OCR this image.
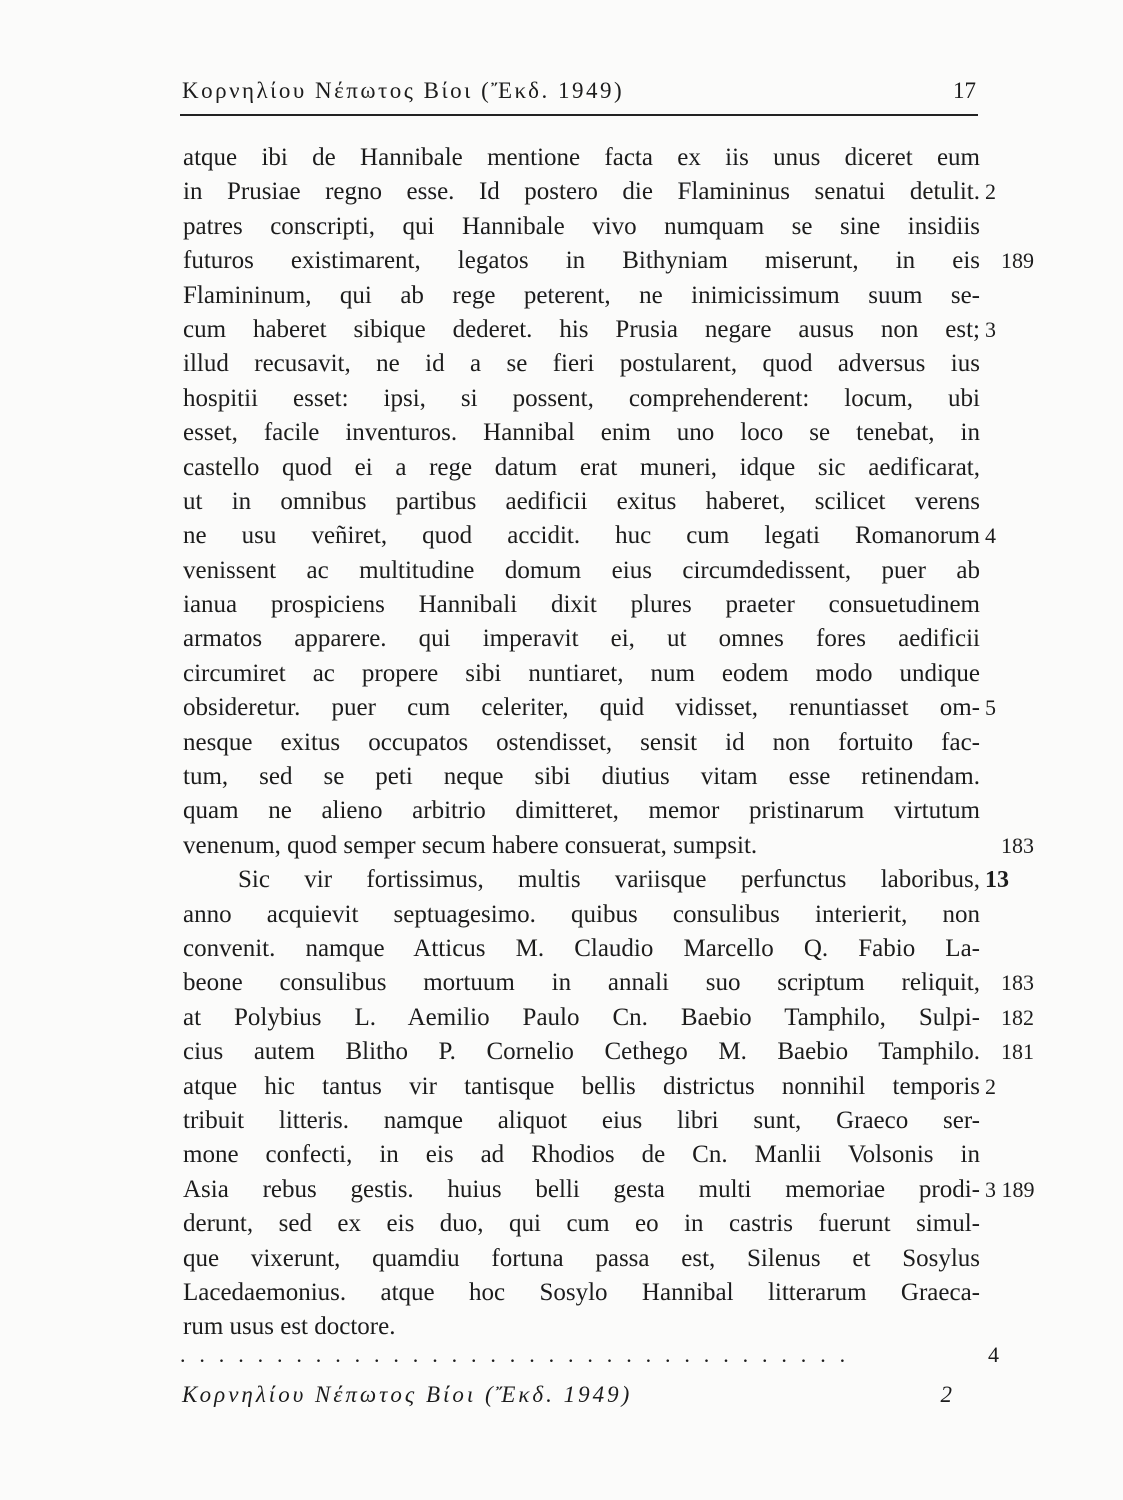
Κορνηλίου Νέπωτος Βίοι (Ἔκδ. 1949)	17
atque ibi de Hannibale mentione facta ex iis unus diceret eum
in Prusiae regno esse. Id postero die Flamininus senatui detulit. 2
patres conscripti, qui Hannibale vivo numquam se sine insidiis
futuros existimarent, legatos in Bithyniam miserunt, in eis 189
Flamininum, qui ab rege peterent, ne inimicissimum suum se-
cum haberet sibique dederet. his Prusia negare ausus non est; 3
illud recusavit, ne id a se fieri postularent, quod adversus ius
hospitii esset: ipsi, si possent, comprehenderent: locum, ubi
esset, facile inventuros. Hannibal enim uno loco se tenebat, in
castello quod ei a rege datum erat muneri, idque sic aedificarat,
ut in omnibus partibus aedificii exitus haberet, scilicet verens
ne usu veñiret, quod accidit. huc cum legati Romanorum 4
venissent ac multitudine domum eius circumdedissent, puer ab
ianua prospiciens Hannibali dixit plures praeter consuetudinem
armatos apparere. qui imperavit ei, ut omnes fores aedificii
circumiret ac propere sibi nuntiaret, num eodem modo undique
obsideretur. puer cum celeriter, quid vidisset, renuntiasset om- 5
nesque exitus occupatos ostendisset, sensit id non fortuito fac-
tum, sed se peti neque sibi diutius vitam esse retinendam.
quam ne alieno arbitrio dimitteret, memor pristinarum virtutum
venenum, quod semper secum habere consuerat, sumpsit.	183
Sic vir fortissimus, multis variisque perfunctus laboribus, 13
anno acquievit septuagesimo. quibus consulibus interierit, non
convenit. namque Atticus M. Claudio Marcello Q. Fabio La-
beone consulibus mortuum in annali suo scriptum reliquit, 183
at Polybius L. Aemilio Paulo Cn. Baebio Tamphilo, Sulpi- 182
cius autem Blitho P. Cornelio Cethego M. Baebio Tamphilo. 181
atque hic tantus vir tantisque bellis districtus nonnihil temporis 2
tribuit litteris. namque aliquot eius libri sunt, Graeco ser-
mone confecti, in eis ad Rhodios de Cn. Manlii Volsonis in
Asia rebus gestis. huius belli gesta multi memoriae prodi- 3 189
derunt, sed ex eis duo, qui cum eo in castris fuerunt simul-
que vixerunt, quamdiu fortuna passa est, Silenus et Sosylus
Lacedaemonius. atque hoc Sosylo Hannibal litterarum Graeca-
rum usus est doctore.
...................................	4
Κορνηλίου Νέπωτος Βίοι (Ἔκδ. 1949)	2
